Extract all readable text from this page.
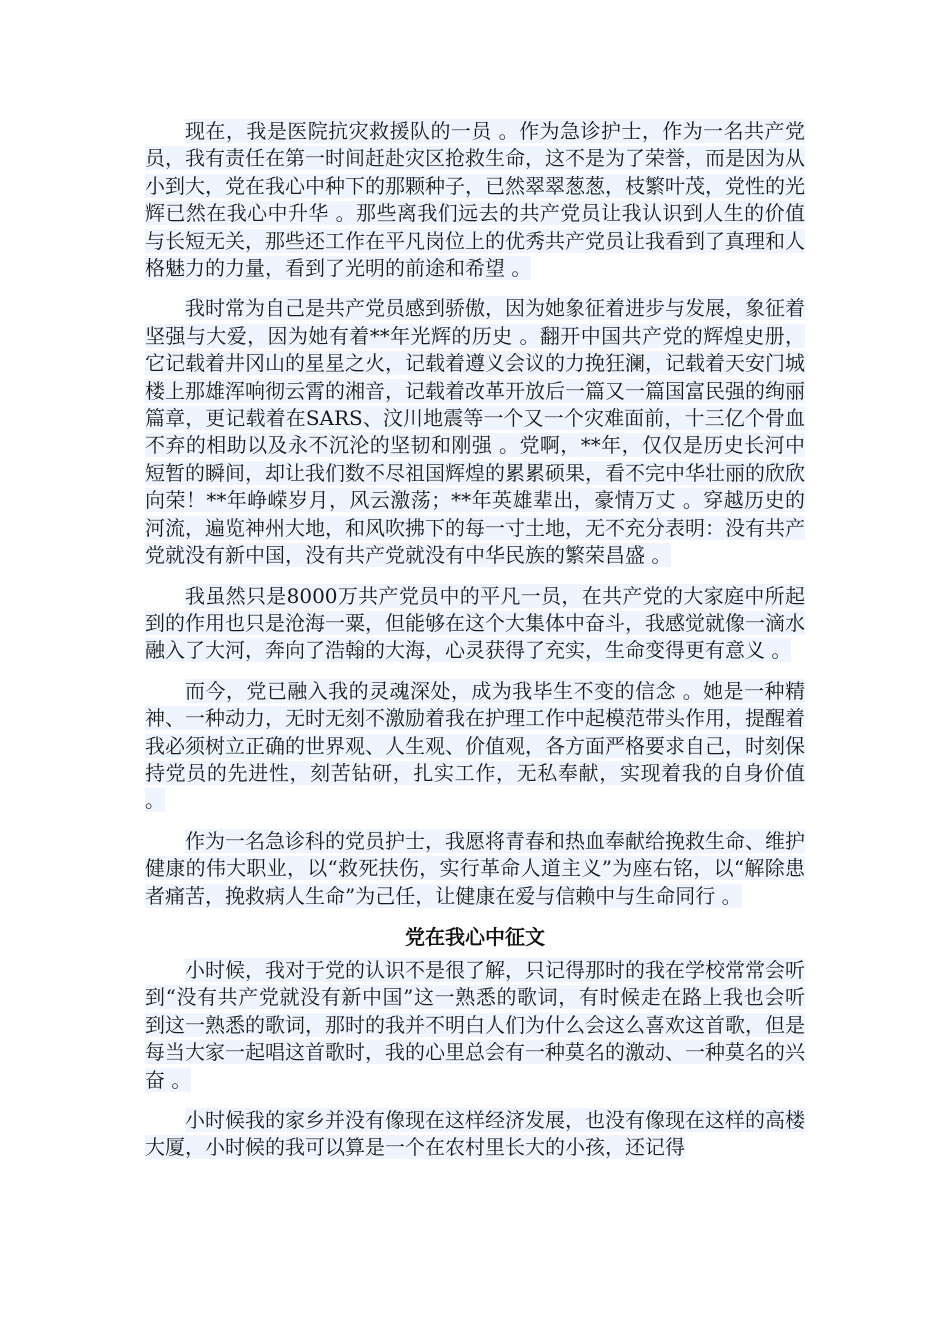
现在，我是医院抗灾救援队的一员 。作为急诊护士，作为一名共产党员，我有责任在第一时间赶赴灾区抢救生命，这不是为了荣誉，而是因为从小到大，党在我心中种下的那颗种子，已然翠翠葱葱，枝繁叶茂，党性的光辉已然在我心中升华 。那些离我们远去的共产党员让我认识到人生的价值与长短无关，那些还工作在平凡岗位上的优秀共产党员让我看到了真理和人格魅力的力量，看到了光明的前途和希望 。

我时常为自己是共产党员感到骄傲，因为她象征着进步与发展，象征着坚强与大爱，因为她有着**年光辉的历史 。翻开中国共产党的辉煌史册，它记载着井冈山的星星之火，记载着遵义会议的力挽狂澜，记载着天安门城楼上那雄浑响彻云霄的湘音，记载着改革开放后一篇又一篇国富民强的绚丽篇章，更记载着在SARS、汶川地震等一个又一个灾难面前，十三亿个骨血不弃的相助以及永不沉沦的坚韧和刚强 。党啊，**年，仅仅是历史长河中短暂的瞬间，却让我们数不尽祖国辉煌的累累硕果，看不完中华壮丽的欣欣向荣！**年峥嵘岁月，风云激荡；**年英雄辈出，豪情万丈 。穿越历史的河流，遍览神州大地，和风吹拂下的每一寸土地，无不充分表明：没有共产党就没有新中国，没有共产党就没有中华民族的繁荣昌盛 。

我虽然只是8000万共产党员中的平凡一员，在共产党的大家庭中所起到的作用也只是沧海一粟，但能够在这个大集体中奋斗，我感觉就像一滴水融入了大河，奔向了浩翰的大海，心灵获得了充实，生命变得更有意义 。

而今，党已融入我的灵魂深处，成为我毕生不变的信念 。她是一种精神、一种动力，无时无刻不激励着我在护理工作中起模范带头作用，提醒着我必须树立正确的世界观、人生观、价值观，各方面严格要求自己，时刻保持党员的先进性，刻苦钻研，扎实工作，无私奉献，实现着我的自身价值 。

作为一名急诊科的党员护士，我愿将青春和热血奉献给挽救生命、维护健康的伟大职业，以“救死扶伤，实行革命人道主义”为座右铭，以“解除患者痛苦，挽救病人生命”为己任，让健康在爱与信赖中与生命同行 。

党在我心中征文

小时候，我对于党的认识不是很了解，只记得那时的我在学校常常会听到“没有共产党就没有新中国”这一熟悉的歌词，有时候走在路上我也会听到这一熟悉的歌词，那时的我并不明白人们为什么会这么喜欢这首歌，但是每当大家一起唱这首歌时，我的心里总会有一种莫名的激动、一种莫名的兴奋 。

小时候我的家乡并没有像现在这样经济发展，也没有像现在这样的高楼大厦，小时候的我可以算是一个在农村里长大的小孩，还记得
